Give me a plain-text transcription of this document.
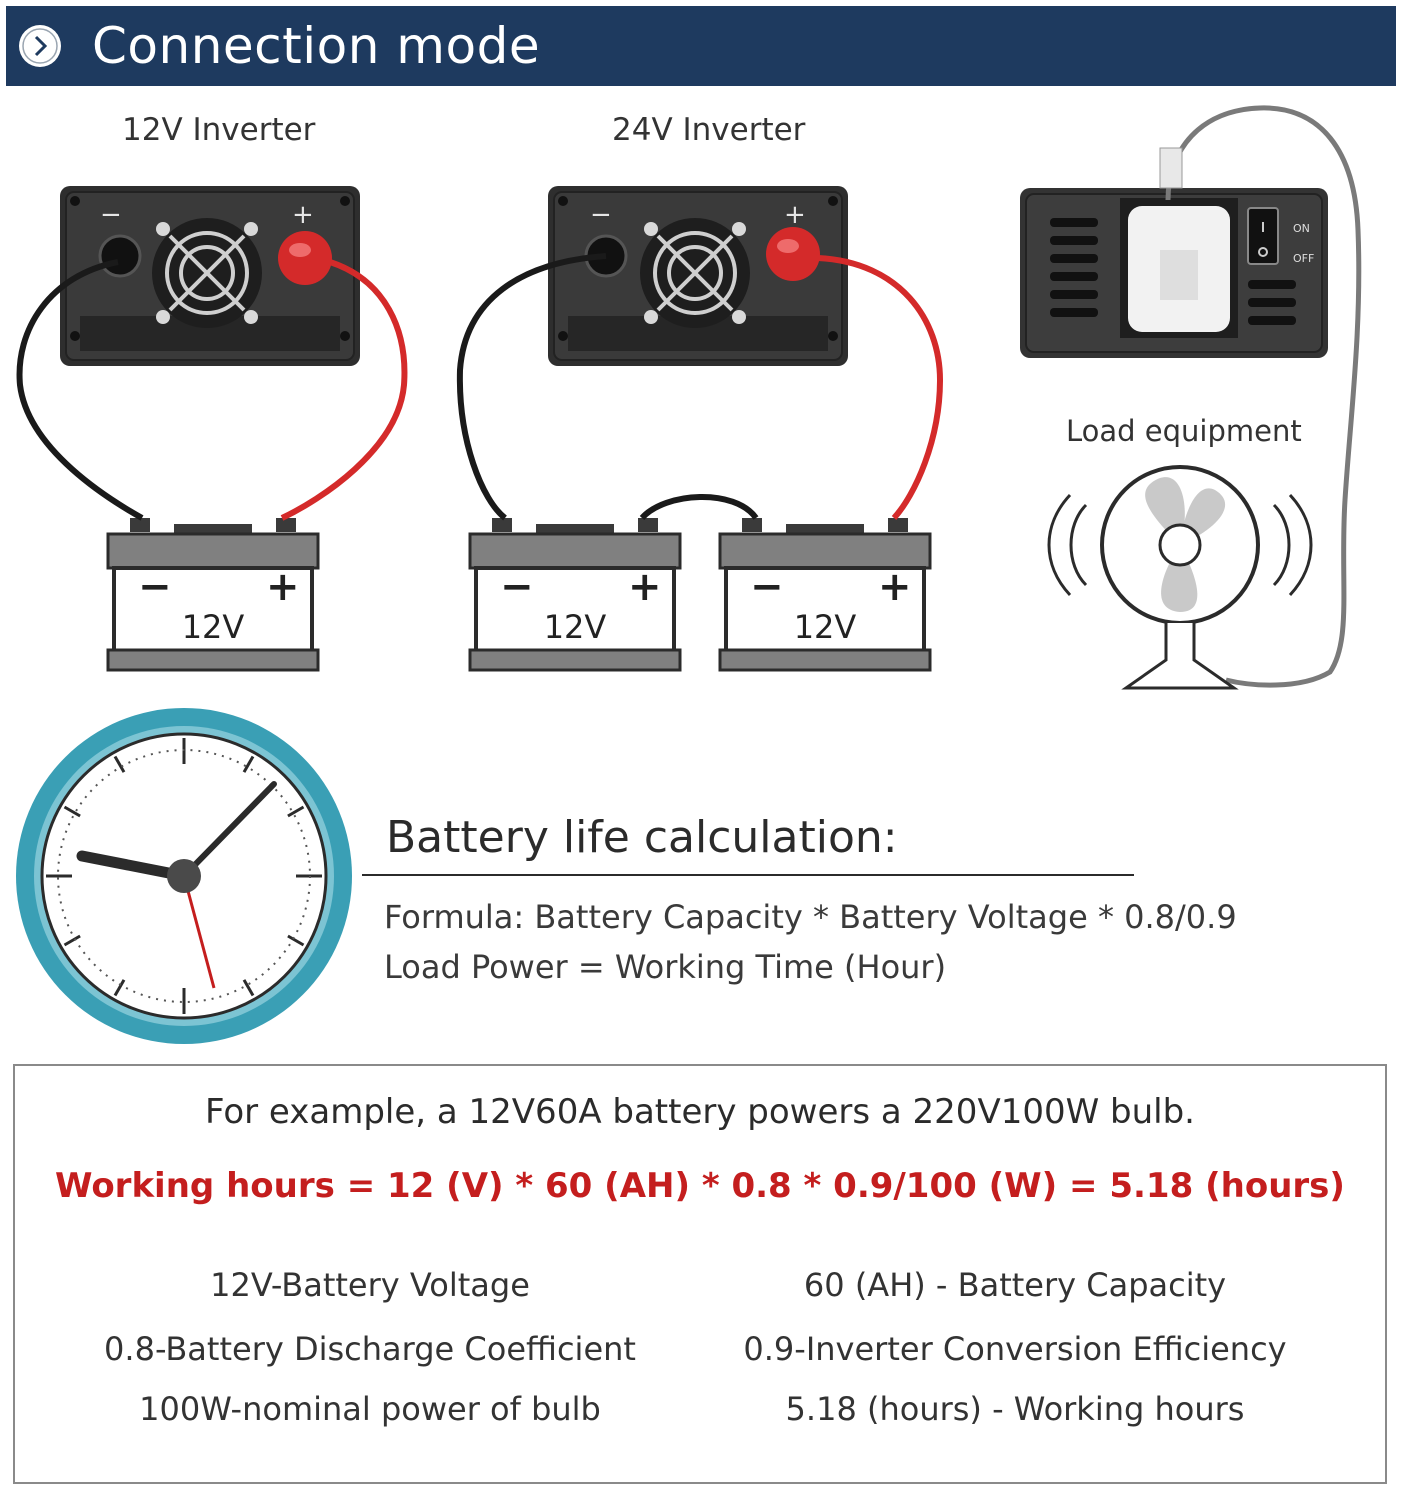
Connection mode
12V Inverter	24V Inverter
Load equipment
−	+	−	+	ON
OFF
− +
12V
− +
12V
− +
12V
Battery life calculation:
Formula: Battery Capacity * Battery Voltage * 0.8/0.9
Load Power = Working Time (Hour)
For example, a 12V60A battery powers a 220V100W bulb.
Working hours = 12 (V) * 60 (AH) * 0.8 * 0.9/100 (W) = 5.18 (hours)
12V-Battery Voltage
0.8-Battery Discharge Coefficient
100W-nominal power of bulb
60 (AH) - Battery Capacity
0.9-Inverter Conversion Efficiency
5.18 (hours) - Working hours
